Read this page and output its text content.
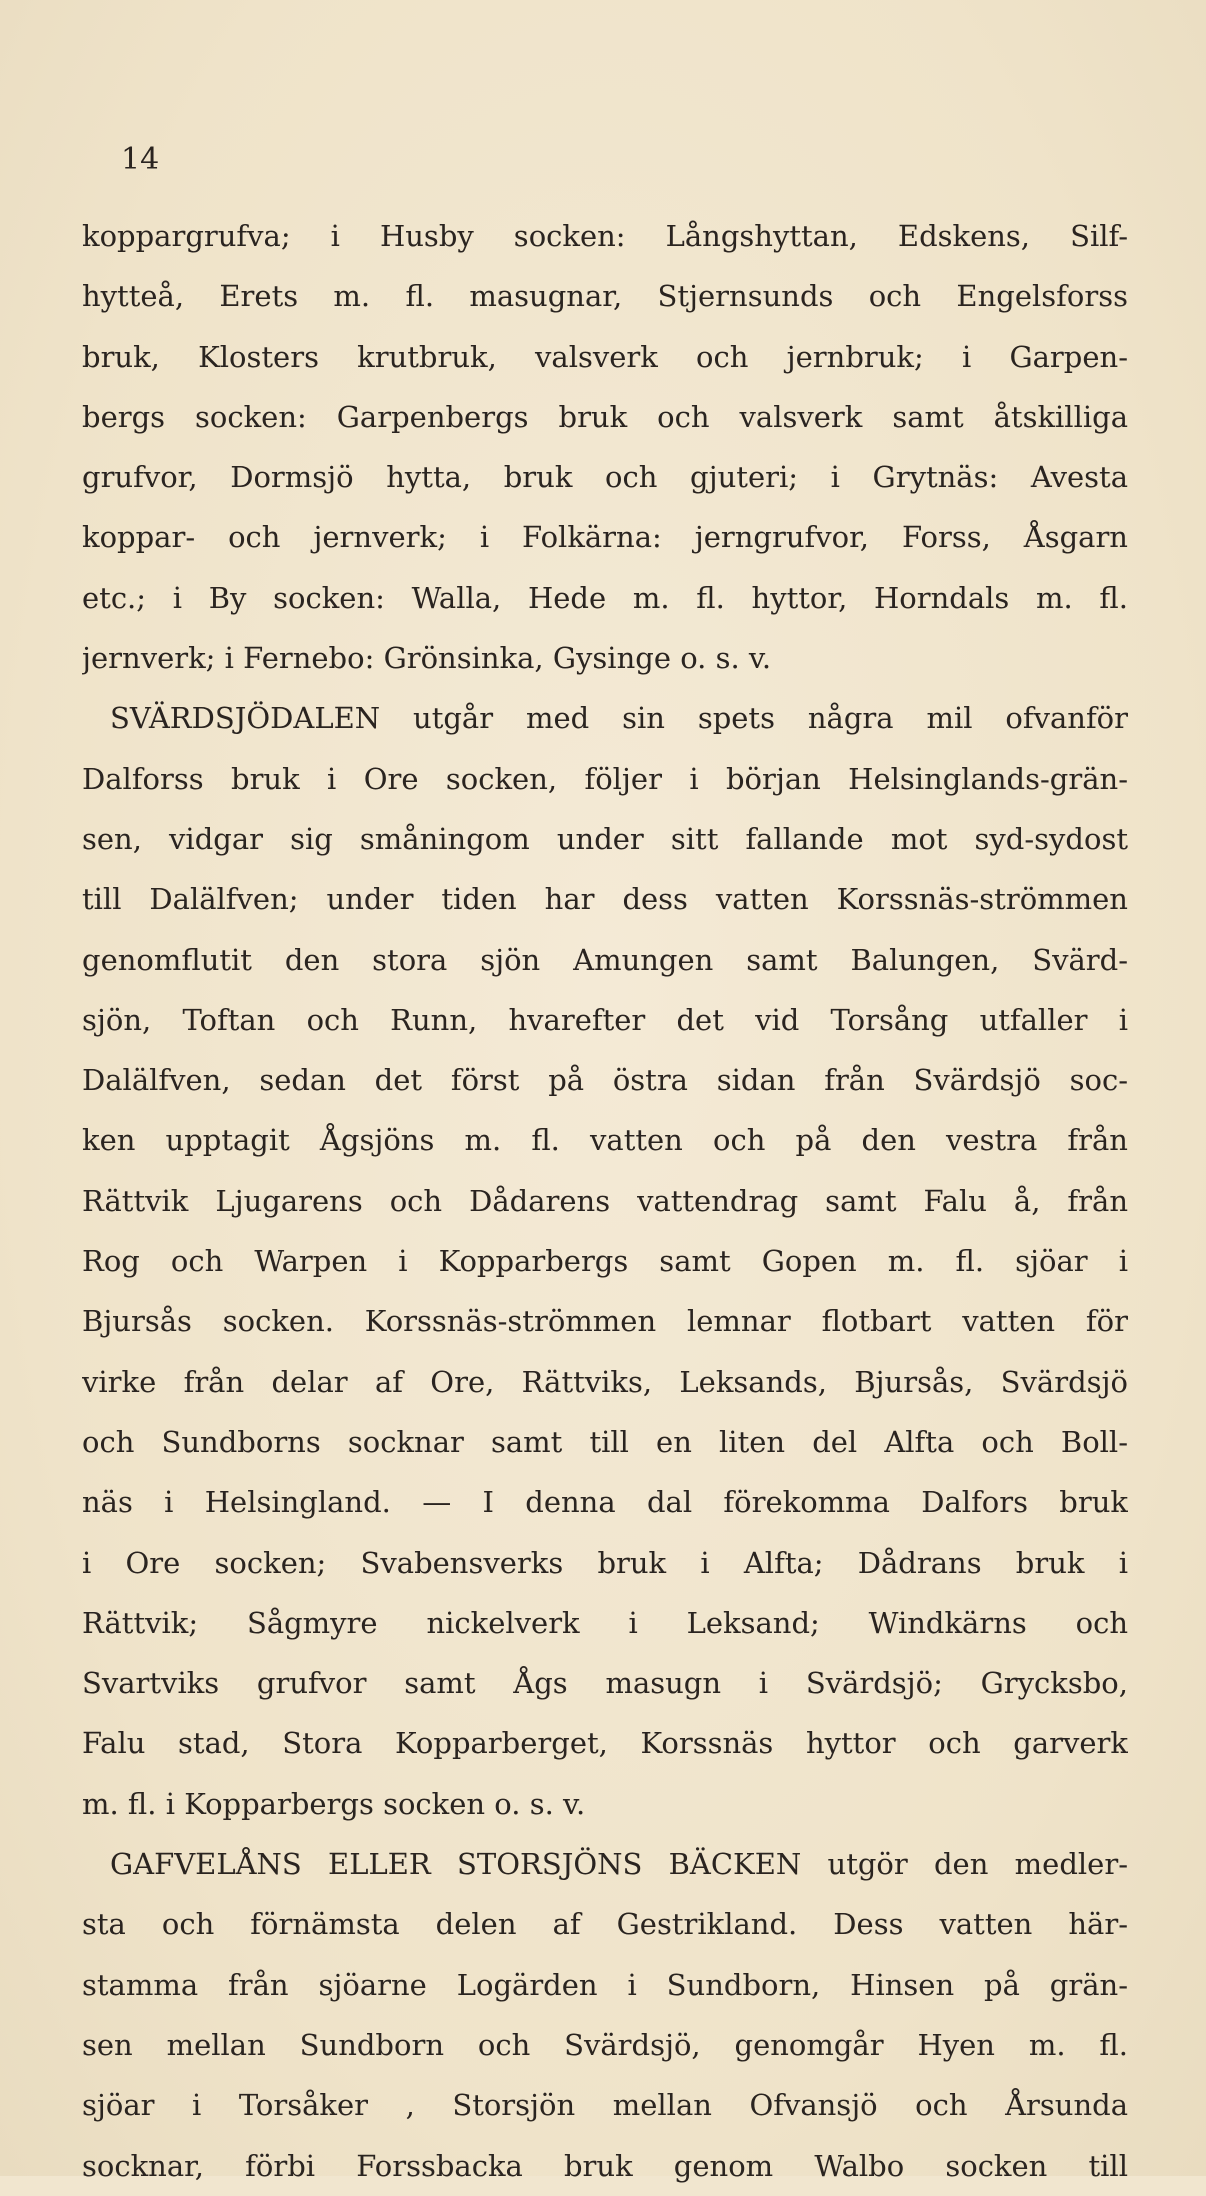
14
koppargrufva; i Husby socken: Långshyttan, Edskens, Silf-
hytteå, Erets m. fl. masugnar, Stjernsunds och Engelsforss
bruk, Klosters krutbruk, valsverk och jernbruk; i Garpen-
bergs socken: Garpenbergs bruk och valsverk samt åtskilliga
grufvor, Dormsjö hytta, bruk och gjuteri; i Grytnäs: Avesta
koppar- och jernverk; i Folkärna: jerngrufvor, Forss, Åsgarn
etc.; i By socken: Walla, Hede m. fl. hyttor, Horndals m. fl.
jernverk; i Fernebo: Grönsinka, Gysinge o. s. v.
SVÄRDSJÖDALEN utgår med sin spets några mil ofvanför
Dalforss bruk i Ore socken, följer i början Helsinglands-grän-
sen, vidgar sig småningom under sitt fallande mot syd-sydost
till Dalälfven; under tiden har dess vatten Korssnäs-strömmen
genomflutit den stora sjön Amungen samt Balungen, Svärd-
sjön, Toftan och Runn, hvarefter det vid Torsång utfaller i
Dalälfven, sedan det först på östra sidan från Svärdsjö soc-
ken upptagit Ågsjöns m. fl. vatten och på den vestra från
Rättvik Ljugarens och Dådarens vattendrag samt Falu å, från
Rog och Warpen i Kopparbergs samt Gopen m. fl. sjöar i
Bjursås socken. Korssnäs-strömmen lemnar flotbart vatten för
virke från delar af Ore, Rättviks, Leksands, Bjursås, Svärdsjö
och Sundborns socknar samt till en liten del Alfta och Boll-
näs i Helsingland. — I denna dal förekomma Dalfors bruk
i Ore socken; Svabensverks bruk i Alfta; Dådrans bruk i
Rättvik; Sågmyre nickelverk i Leksand; Windkärns och
Svartviks grufvor samt Ågs masugn i Svärdsjö; Grycksbo,
Falu stad, Stora Kopparberget, Korssnäs hyttor och garverk
m. fl. i Kopparbergs socken o. s. v.
GAFVELÅNS ELLER STORSJÖNS BÄCKEN utgör den medler-
sta och förnämsta delen af Gestrikland. Dess vatten här-
stamma från sjöarne Logärden i Sundborn, Hinsen på grän-
sen mellan Sundborn och Svärdsjö, genomgår Hyen m. fl.
sjöar i Torsåker , Storsjön mellan Ofvansjö och Årsunda
socknar, förbi Forssbacka bruk genom Walbo socken till
